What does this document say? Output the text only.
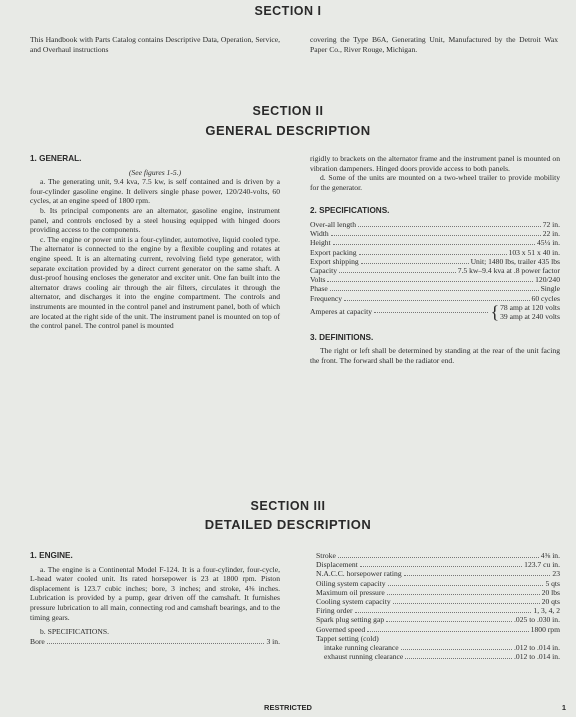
SECTION I

This Handbook with Parts Catalog contains Descriptive Data, Operation, Service, and Overhaul instructions

covering the Type B6A, Generating Unit, Manufactured by the Detroit Wax Paper Co., River Rouge, Michigan.

SECTION II
GENERAL DESCRIPTION
1. GENERAL.

(See figures 1-5.)

a. The generating unit, 9.4 kva, 7.5 kw, is self contained and is driven by a four-cylinder gasoline engine. It delivers single phase power, 120/240-volts, 60 cycles, at an engine speed of 1800 rpm.

b. Its principal components are an alternator, gasoline engine, instrument panel, and controls enclosed by a steel housing equipped with hinged doors providing access to the components.

c. The engine or power unit is a four-cylinder, automotive, liquid cooled type. The alternator is connected to the engine by a flexible coupling and rotates at engine speed. It is an alternating current, revolving field type generator, with separate excitation provided by a direct current generator on the same shaft. A dust-proof housing encloses the generator and exciter unit. One fan built into the alternator draws cooling air through the air filters, circulates it through the alternator, and discharges it into the engine compartment. The controls and instruments are mounted in the control panel and instrument panel, both of which are located at the right side of the unit. The instrument panel is mounted on top of the control panel. The control panel is mounted

rigidly to brackets on the alternator frame and the instrument panel is mounted on vibration dampeners. Hinged doors provide access to both panels.

d. Some of the units are mounted on a two-wheel trailer to provide mobility for the generator.

2. SPECIFICATIONS.
Over-all length	72 in.
Width	22 in.
Height	45¼ in.
Export packing	103 x 51 x 40 in.
Export shipping	Unit; 1480 lbs, trailer 435 lbs
Capacity	7.5 kw–9.4 kva at .8 power factor
Volts	120/240
Phase	Single
Frequency	60 cycles
Amperes at capacity	{ 78 amp at 120 volts
39 amp at 240 volts
3. DEFINITIONS.

The right or left shall be determined by standing at the rear of the unit facing the front. The forward shall be the radiator end.

SECTION III
DETAILED DESCRIPTION
1. ENGINE.

a. The engine is a Continental Model F-124. It is a four-cylinder, four-cycle, L-head water cooled unit. Its rated horsepower is 23 at 1800 rpm. Piston displacement is 123.7 cubic inches; bore, 3 inches; and stroke, 4⅜ inches. Lubrication is provided by a pump, gear driven off the camshaft. It furnishes pressure lubrication to all main, connecting rod and camshaft bearings, and to the timing gears.

b. SPECIFICATIONS.

Bore	3 in.
Stroke	4⅜ in.
Displacement	123.7 cu in.
N.A.C.C. horsepower rating	23
Oiling system capacity	5 qts
Maximum oil pressure	20 lbs
Cooling system capacity	20 qts
Firing order	1, 3, 4, 2
Spark plug setting gap	.025 to .030 in.
Governed speed	1800 rpm
Tappet setting (cold)
intake running clearance	.012 to .014 in.
exhaust running clearance	.012 to .014 in.
RESTRICTED	1
